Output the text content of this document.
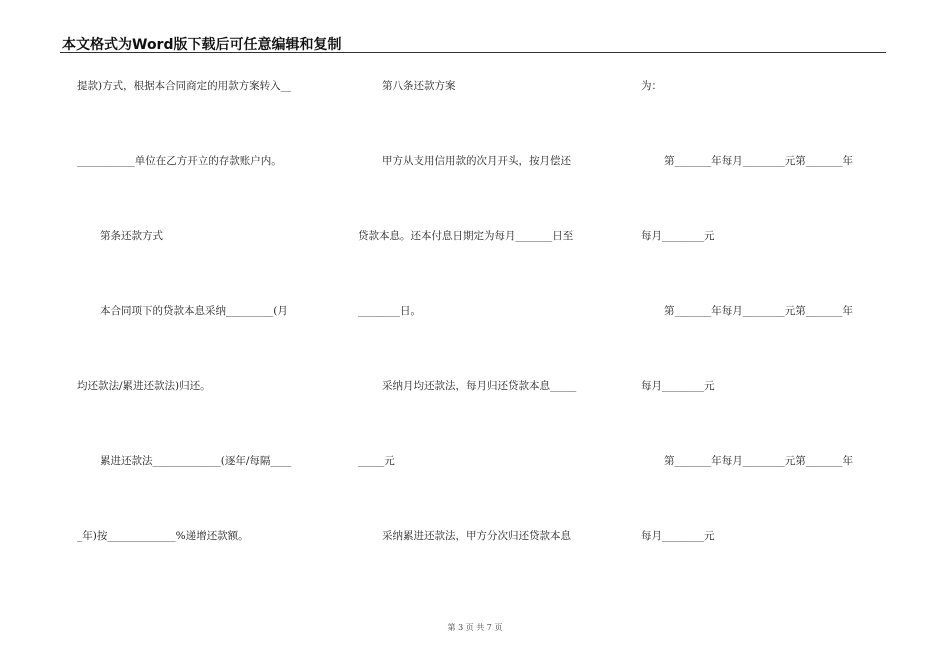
本文格式为Word版下载后可任意编辑和复制
提款)方式，根据本合同商定的用款方案转入__
___________单位在乙方开立的存款账户内。
第条还款方式
本合同项下的贷款本息采纳_________(月
均还款法/累进还款法)归还。
累进还款法_____________(逐年/每隔____
_年)按_____________%递增还款额。
第八条还款方案
甲方从支用信用款的次月开头，按月偿还
贷款本息。还本付息日期定为每月_______日至
________日。
采纳月均还款法，每月归还贷款本息_____
_____元
采纳累进还款法，甲方分次归还贷款本息
为：
第_______年每月________元第_______年
每月________元
第_______年每月________元第_______年
每月________元
第_______年每月________元第_______年
每月________元
第 3 页 共 7 页
